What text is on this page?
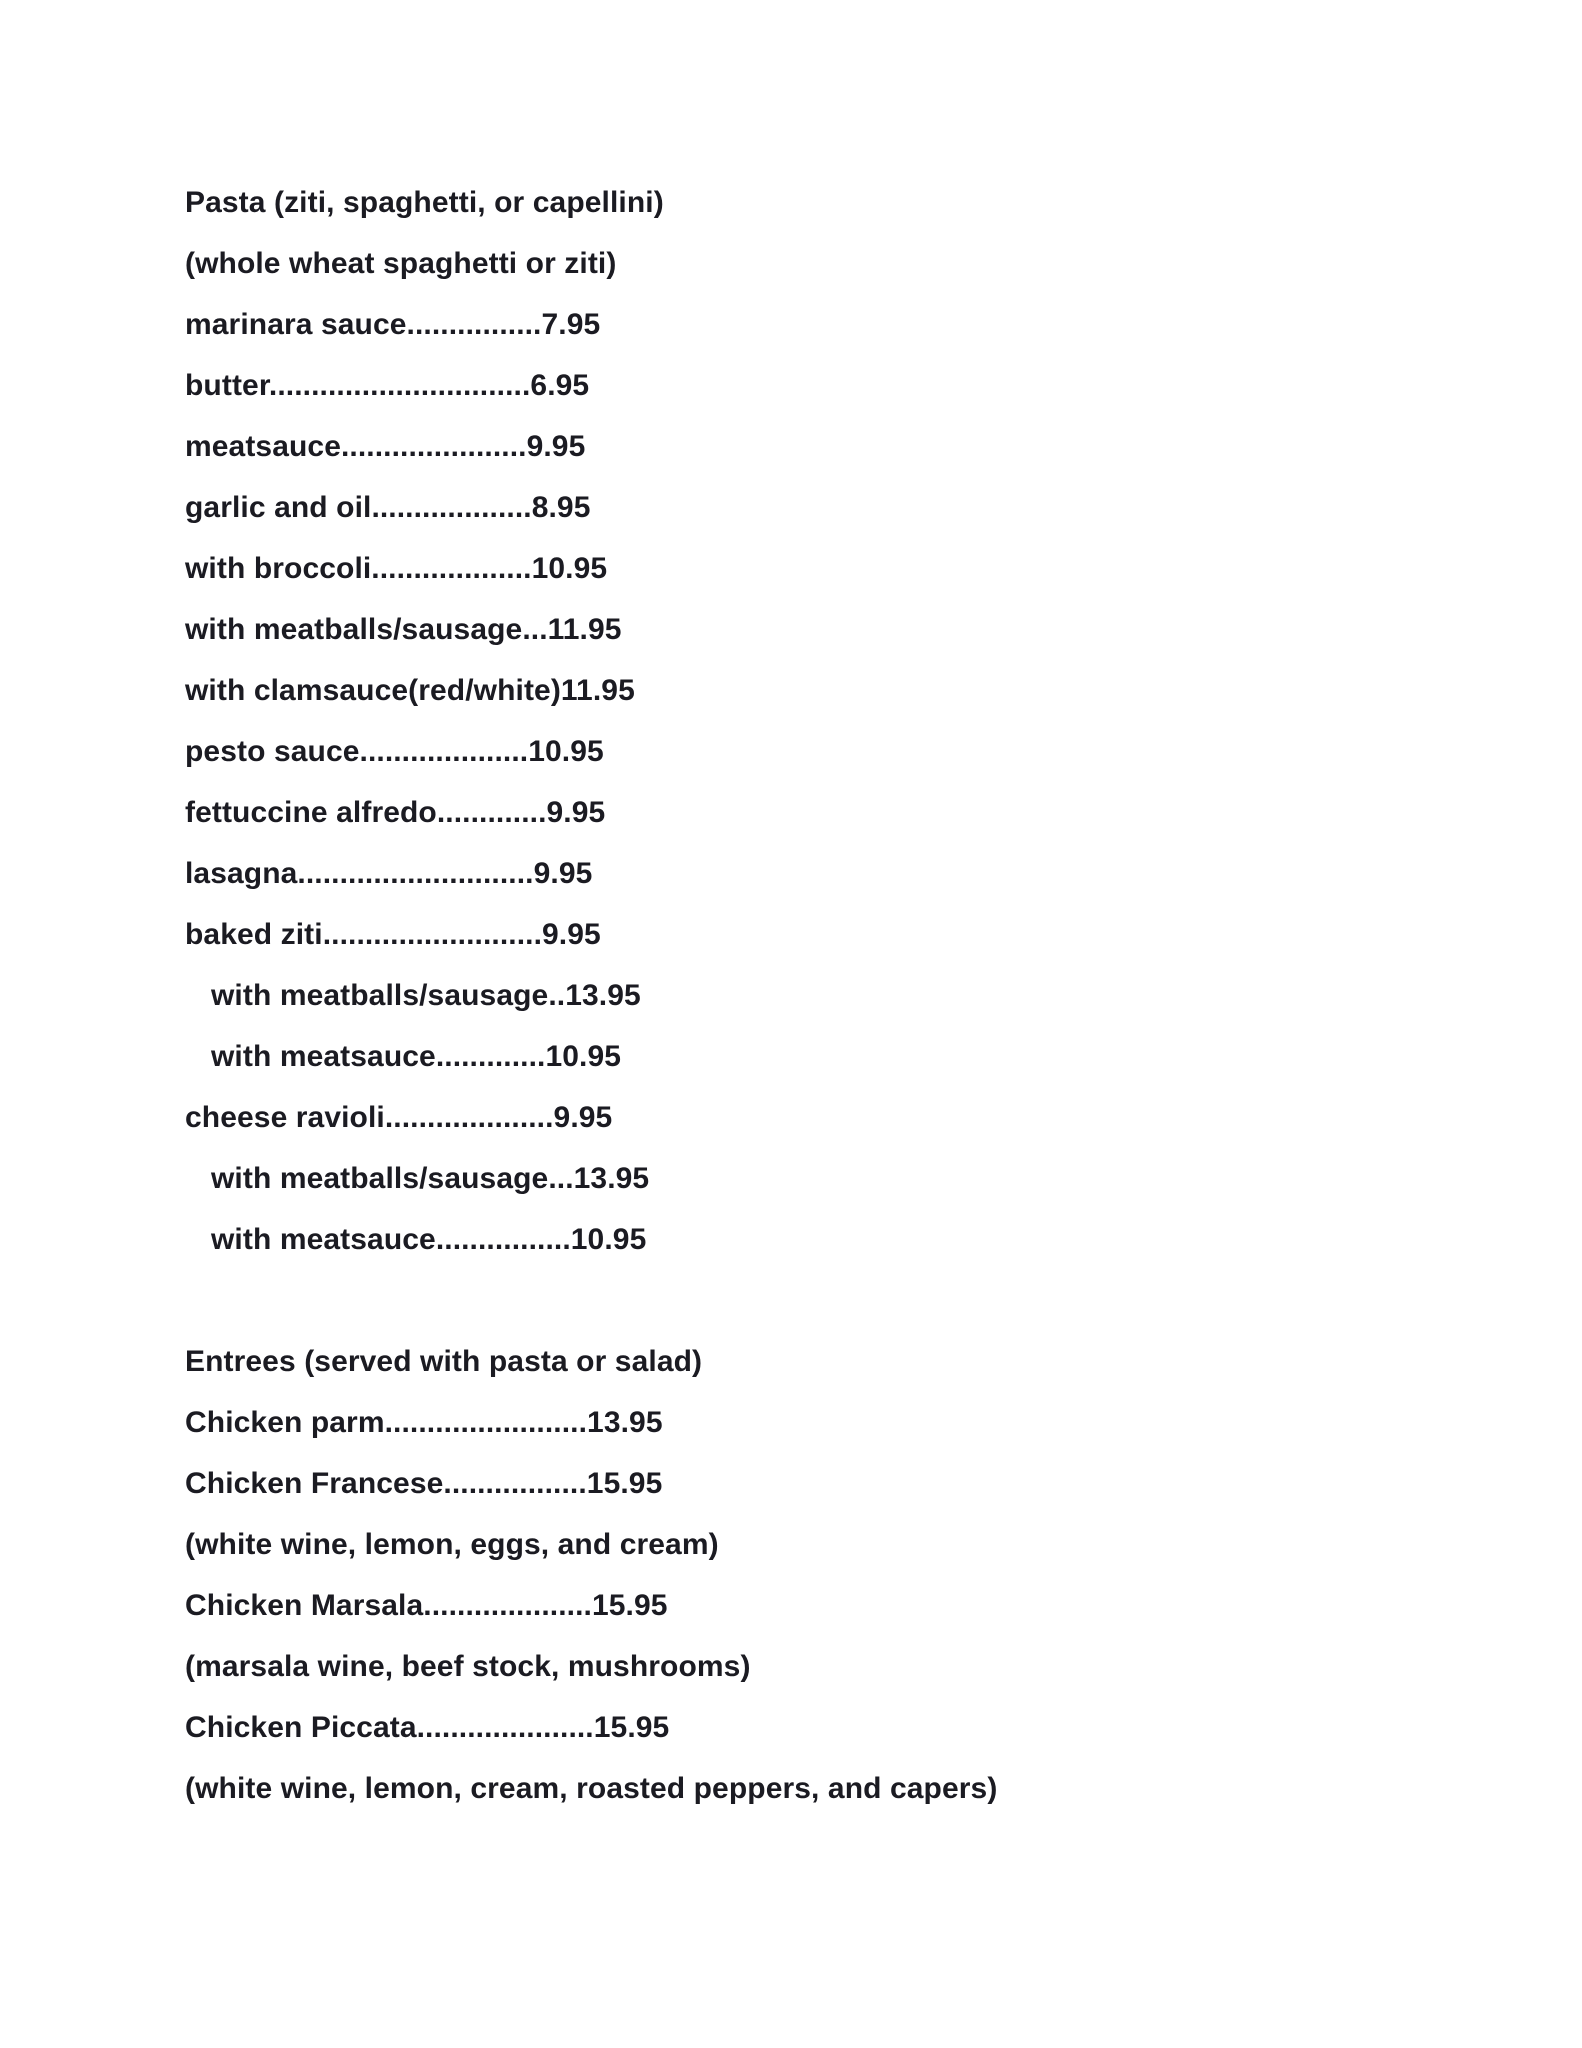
Pasta (ziti, spaghetti, or capellini)
(whole wheat spaghetti or ziti)
marinara sauce................7.95
butter...............................6.95
meatsauce......................9.95
garlic and oil...................8.95
with broccoli...................10.95
with meatballs/sausage...11.95
with clamsauce(red/white)11.95
pesto sauce....................10.95
fettuccine alfredo.............9.95
lasagna............................9.95
baked ziti..........................9.95
with meatballs/sausage..13.95
with meatsauce.............10.95
cheese ravioli....................9.95
with meatballs/sausage...13.95
with meatsauce................10.95
Entrees (served with pasta or salad)
Chicken parm........................13.95
Chicken Francese.................15.95
(white wine, lemon, eggs, and cream)
Chicken Marsala....................15.95
(marsala wine, beef stock, mushrooms)
Chicken Piccata.....................15.95
(white wine, lemon, cream, roasted peppers, and capers)
